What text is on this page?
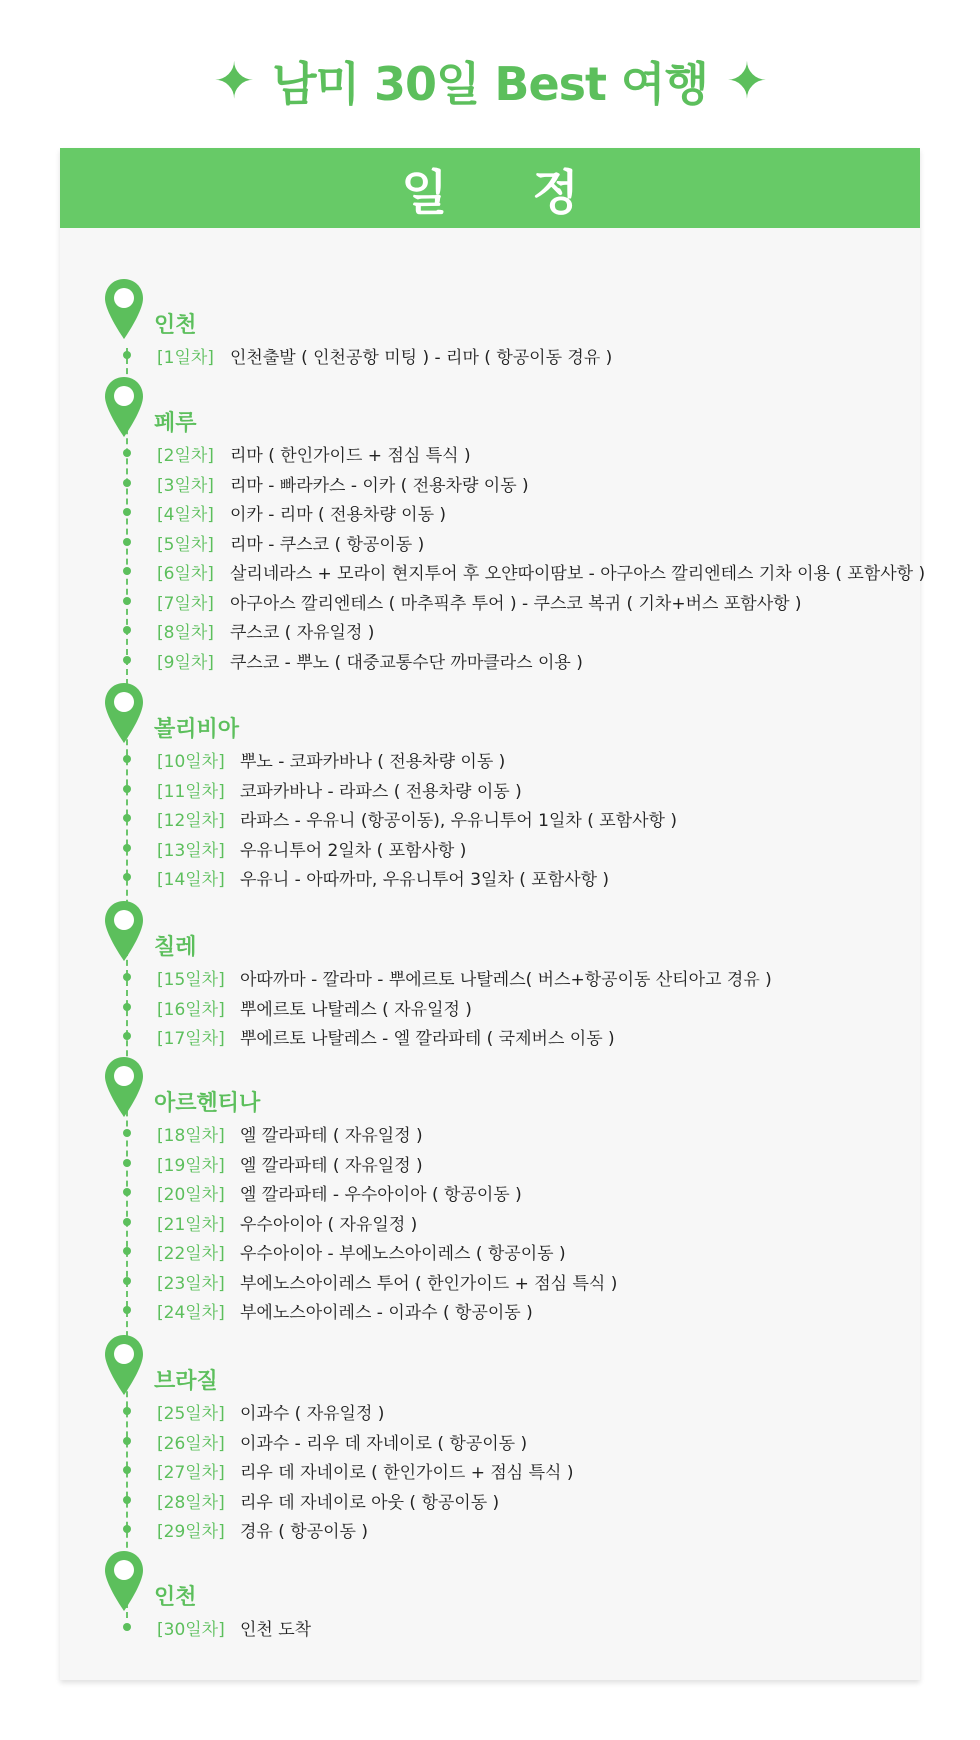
✦ 남미 30일 Best 여행 ✦
일 정
인천
[1일차] 인천출발 ( 인천공항 미팅 ) - 리마 ( 항공이동 경유 )
페루
[2일차] 리마 ( 한인가이드 + 점심 특식 )
[3일차] 리마 - 빠라카스 - 이카 ( 전용차량 이동 )
[4일차] 이카 - 리마 ( 전용차량 이동 )
[5일차] 리마 - 쿠스코 ( 항공이동 )
[6일차] 살리네라스 + 모라이 현지투어 후 오얀따이땀보 - 아구아스 깔리엔테스 기차 이용 ( 포함사항 )
[7일차] 아구아스 깔리엔테스 ( 마추픽추 투어 ) - 쿠스코 복귀 ( 기차+버스 포함사항 )
[8일차] 쿠스코 ( 자유일정 )
[9일차] 쿠스코 - 뿌노 ( 대중교통수단 까마클라스 이용 )
볼리비아
[10일차] 뿌노 - 코파카바나 ( 전용차량 이동 )
[11일차] 코파카바나 - 라파스 ( 전용차량 이동 )
[12일차] 라파스 - 우유니 (항공이동), 우유니투어 1일차 ( 포함사항 )
[13일차] 우유니투어 2일차 ( 포함사항 )
[14일차] 우유니 - 아따까마, 우유니투어 3일차 ( 포함사항 )
칠레
[15일차] 아따까마 - 깔라마 - 뿌에르토 나탈레스( 버스+항공이동 산티아고 경유 )
[16일차] 뿌에르토 나탈레스 ( 자유일정 )
[17일차] 뿌에르토 나탈레스 - 엘 깔라파테 ( 국제버스 이동 )
아르헨티나
[18일차] 엘 깔라파테 ( 자유일정 )
[19일차] 엘 깔라파테 ( 자유일정 )
[20일차] 엘 깔라파테 - 우수아이아 ( 항공이동 )
[21일차] 우수아이아 ( 자유일정 )
[22일차] 우수아이아 - 부에노스아이레스 ( 항공이동 )
[23일차] 부에노스아이레스 투어 ( 한인가이드 + 점심 특식 )
[24일차] 부에노스아이레스 - 이과수 ( 항공이동 )
브라질
[25일차] 이과수 ( 자유일정 )
[26일차] 이과수 - 리우 데 자네이로 ( 항공이동 )
[27일차] 리우 데 자네이로 ( 한인가이드 + 점심 특식 )
[28일차] 리우 데 자네이로 아웃 ( 항공이동 )
[29일차] 경유 ( 항공이동 )
인천
[30일차] 인천 도착
